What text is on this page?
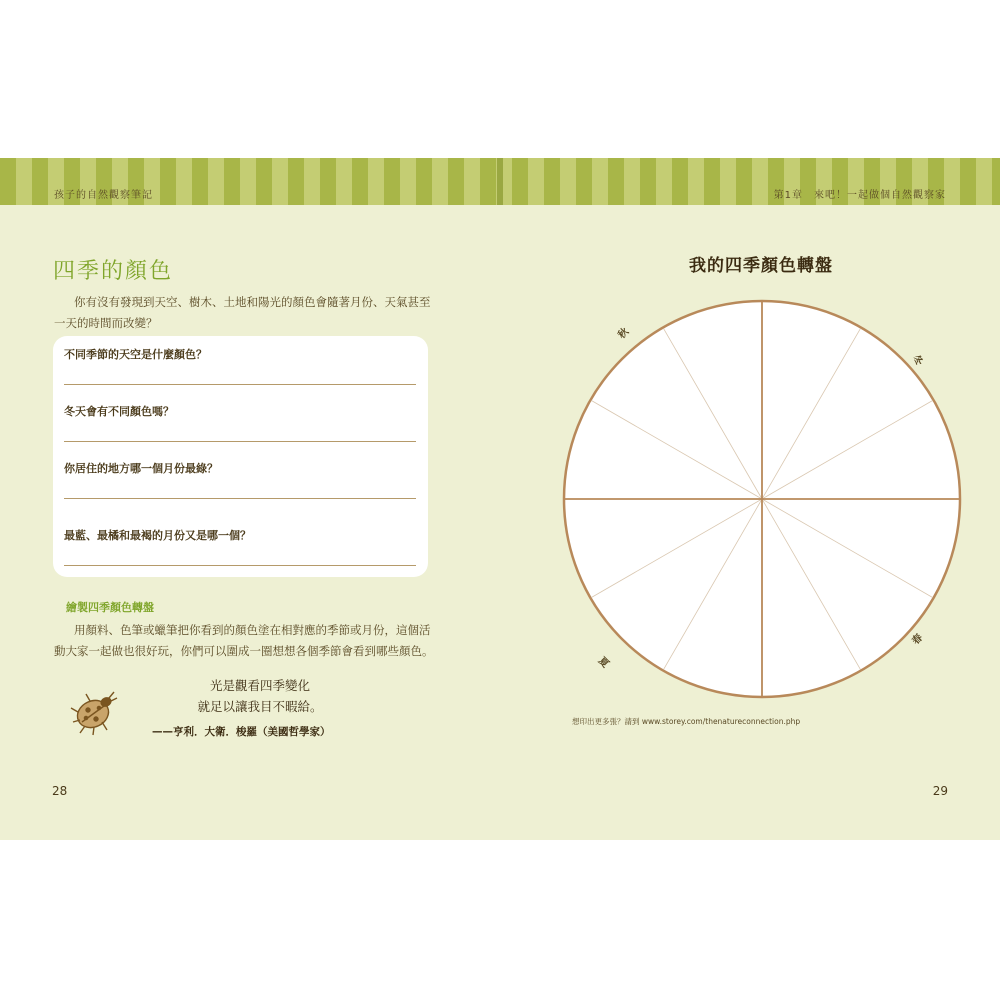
孩子的自然觀察筆記	第1章　來吧！一起做個自然觀察家
四季的顏色
你有沒有發現到天空、樹木、土地和陽光的顏色會隨著月份、天氣甚至一天的時間而改變？
不同季節的天空是什麼顏色？
冬天會有不同顏色嗎？
你居住的地方哪一個月份最綠？
最藍、最橘和最褐的月份又是哪一個？
繪製四季顏色轉盤
用顏料、色筆或蠟筆把你看到的顏色塗在相對應的季節或月份，這個活動大家一起做也很好玩，你們可以圍成一圈想想各個季節會看到哪些顏色。
光是觀看四季變化
就足以讓我目不暇給。
——亨利．大衛．梭羅（美國哲學家）
28
我的四季顏色轉盤
秋
冬
夏
春
想印出更多張？請到 www.storey.com/thenatureconnection.php
29
